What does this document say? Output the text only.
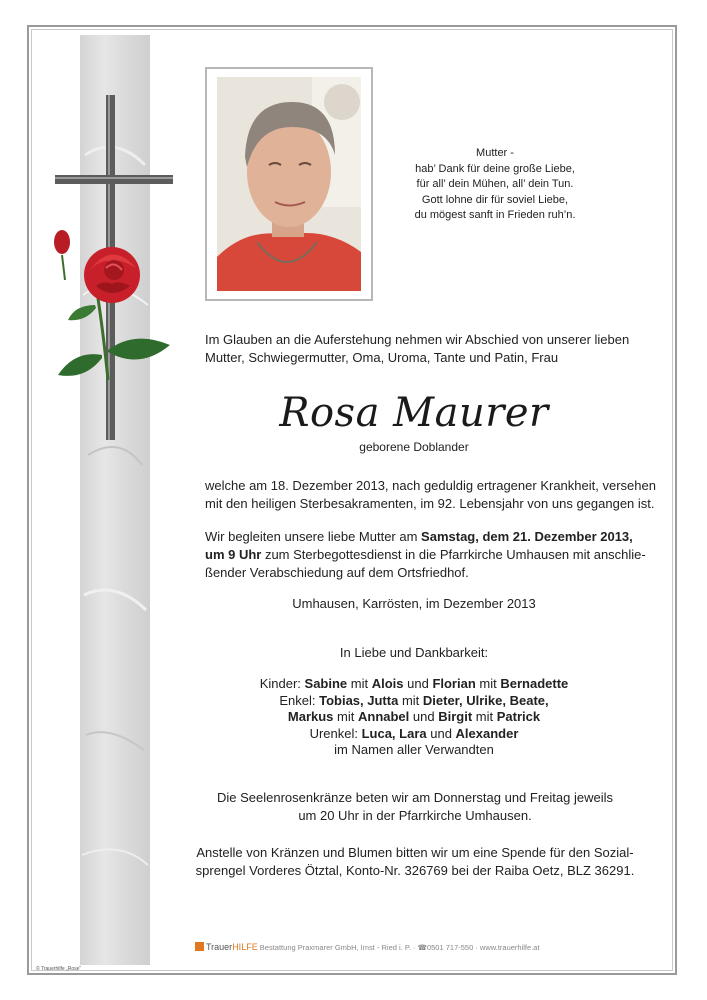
Mutter -
hab’ Dank für deine große Liebe,
für all’ dein Mühen, all’ dein Tun.
Gott lohne dir für soviel Liebe,
du mögest sanft in Frieden ruh’n.
Im Glauben an die Auferstehung nehmen wir Abschied von unserer lieben
Mutter, Schwiegermutter, Oma, Uroma, Tante und Patin, Frau
Rosa Maurer
geborene Doblander
welche am 18. Dezember 2013, nach geduldig ertragener Krankheit, versehen
mit den heiligen Sterbesakramenten, im 92. Lebensjahr von uns gegangen ist.
Wir begleiten unsere liebe Mutter am Samstag, dem 21. Dezember 2013,
um 9 Uhr zum Sterbegottesdienst in die Pfarrkirche Umhausen mit anschlie-
ßender Verabschiedung auf dem Ortsfriedhof.
Umhausen, Karrösten, im Dezember 2013
In Liebe und Dankbarkeit:
Kinder: Sabine mit Alois und Florian mit Bernadette
Enkel: Tobias, Jutta mit Dieter, Ulrike, Beate,
Markus mit Annabel und Birgit mit Patrick
Urenkel: Luca, Lara und Alexander
im Namen aller Verwandten
Die Seelenrosenkränze beten wir am Donnerstag und Freitag jeweils
um 20 Uhr in der Pfarrkirche Umhausen.
Anstelle von Kränzen und Blumen bitten wir um eine Spende für den Sozial-
sprengel Vorderes Ötztal, Konto-Nr. 326769 bei der Raiba Oetz, BLZ 36291.
TrauerHILFE Bestattung Praxmarer GmbH, Imst - Ried i. P. · ☎0501 717-550 · www.trauerhilfe.at
© Trauerhilfe „Rose“
